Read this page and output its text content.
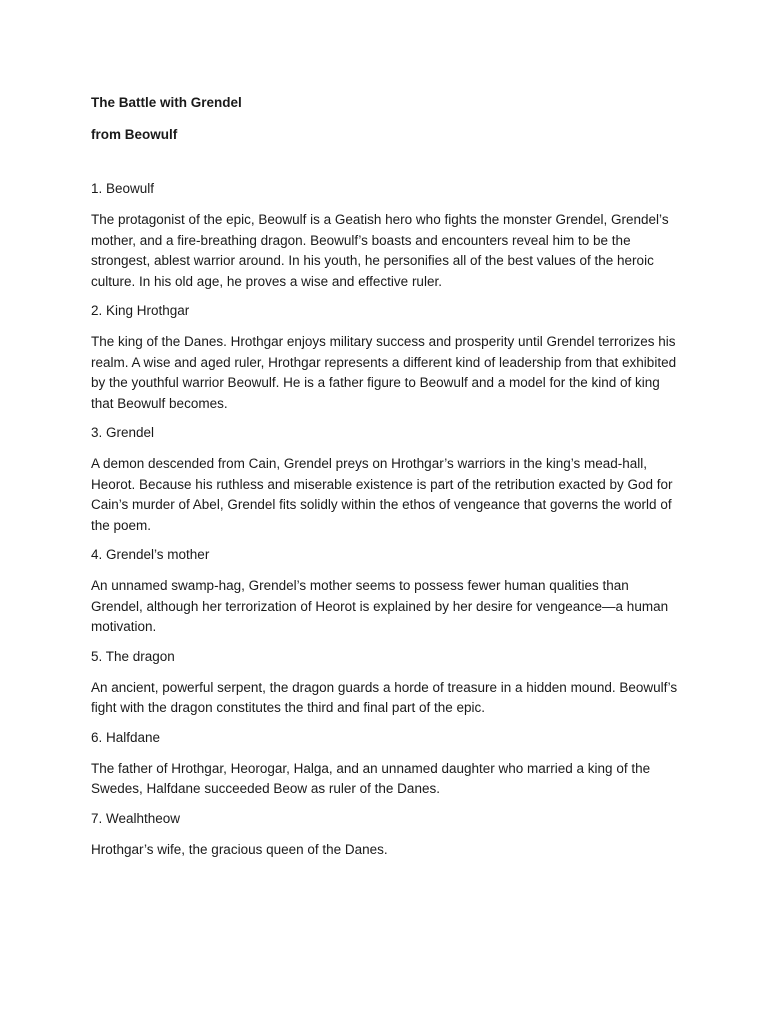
The Battle with Grendel

from Beowulf

1. Beowulf

The protagonist of the epic, Beowulf is a Geatish hero who fights the monster Grendel, Grendel’s mother, and a fire-breathing dragon. Beowulf’s boasts and encounters reveal him to be the strongest, ablest warrior around. In his youth, he personifies all of the best values of the heroic culture. In his old age, he proves a wise and effective ruler.

2. King Hrothgar

The king of the Danes. Hrothgar enjoys military success and prosperity until Grendel terrorizes his realm. A wise and aged ruler, Hrothgar represents a different kind of leadership from that exhibited by the youthful warrior Beowulf. He is a father figure to Beowulf and a model for the kind of king that Beowulf becomes.

3. Grendel

A demon descended from Cain, Grendel preys on Hrothgar’s warriors in the king’s mead-hall, Heorot. Because his ruthless and miserable existence is part of the retribution exacted by God for Cain’s murder of Abel, Grendel fits solidly within the ethos of vengeance that governs the world of the poem.

4. Grendel’s mother

An unnamed swamp-hag, Grendel’s mother seems to possess fewer human qualities than Grendel, although her terrorization of Heorot is explained by her desire for vengeance—a human motivation.

5. The dragon

An ancient, powerful serpent, the dragon guards a horde of treasure in a hidden mound. Beowulf’s fight with the dragon constitutes the third and final part of the epic.

6. Halfdane

The father of Hrothgar, Heorogar, Halga, and an unnamed daughter who married a king of the Swedes, Halfdane succeeded Beow as ruler of the Danes.

7. Wealhtheow

Hrothgar’s wife, the gracious queen of the Danes.
